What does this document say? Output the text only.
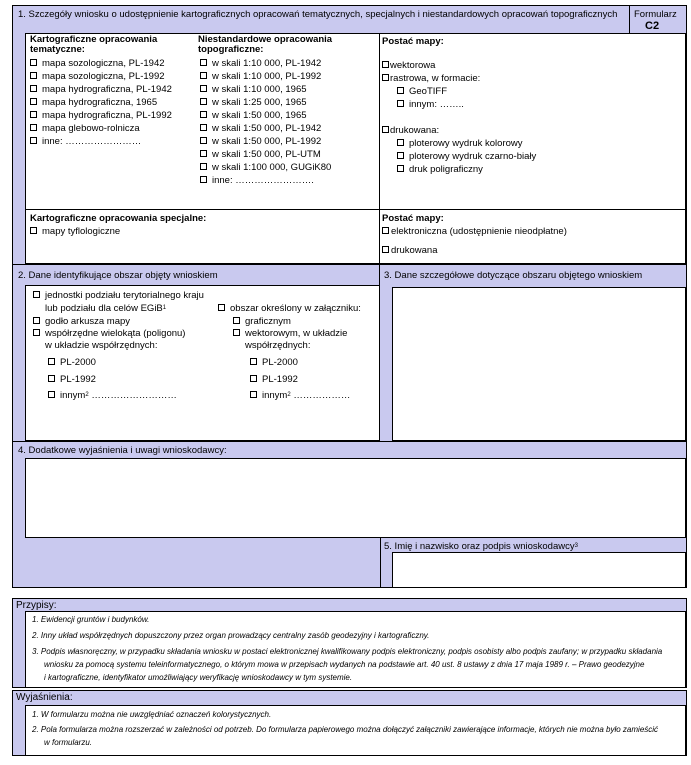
1. Szczegóły wniosku o udostępnienie kartograficznych opracowań tematycznych, specjalnych i niestandardowych opracowań topograficznych Formularz
C2
Kartograficzne opracowania tematyczne:
mapa sozologiczna, PL-1942
mapa sozologiczna, PL-1992
mapa hydrograficzna, PL-1942
mapa hydrograficzna, 1965
mapa hydrograficzna, PL-1992
mapa glebowo-rolnicza
inne: ……………………
Niestandardowe opracowania topograficzne:
w skali 1:10 000, PL-1942
w skali 1:10 000, PL-1992
w skali 1:10 000, 1965
w skali 1:25 000, 1965
w skali 1:50 000, 1965
w skali 1:50 000, PL-1942
w skali 1:50 000, PL-1992
w skali 1:50 000, PL-UTM
w skali 1:100 000, GUGiK80
inne: …………………….
Postać mapy:
wektorowa
rastrowa, w formacie:
GeoTIFF
innym: ……..
drukowana:
ploterowy wydruk kolorowy
ploterowy wydruk czarno-biały
druk poligraficzny
Kartograficzne opracowania specjalne:
mapy tyflologiczne
Postać mapy:
elektroniczna (udostępnienie nieodpłatne)
drukowana
2. Dane identyfikujące obszar objęty wnioskiem
jednostki podziału terytorialnego kraju
lub podziału dla celów EGiB$^1$
godło arkusza mapy
współrzędne wielokąta (poligonu)
w układzie współrzędnych:
PL-2000
PL-1992
innym$^2$ ………………………
obszar określony w załączniku:
graficznym
wektorowym, w układzie
współrzędnych:
PL-2000
PL-1992
innym$^2$ ………………
3. Dane szczegółowe dotyczące obszaru objętego wnioskiem
4. Dodatkowe wyjaśnienia i uwagi wnioskodawcy:
5. Imię i nazwisko oraz podpis wnioskodawcy$^3$
Przypisy:
1. Ewidencji gruntów i budynków.
2. Inny układ współrzędnych dopuszczony przez organ prowadzący centralny zasób geodezyjny i kartograficzny.
3. Podpis własnoręczny, w przypadku składania wniosku w postaci elektronicznej kwalifikowany podpis elektroniczny, podpis osobisty albo podpis zaufany; w przypadku składania
wniosku za pomocą systemu teleinformatycznego, o którym mowa w przepisach wydanych na podstawie art. 40 ust. 8 ustawy z dnia 17 maja 1989 r. – Prawo geodezyjne
i kartograficzne, identyfikator umożliwiający weryfikację wnioskodawcy w tym systemie.
Wyjaśnienia:
1. W formularzu można nie uwzględniać oznaczeń kolorystycznych.
2. Pola formularza można rozszerzać w zależności od potrzeb. Do formularza papierowego można dołączyć załączniki zawierające informacje, których nie można było zamieścić
w formularzu.
